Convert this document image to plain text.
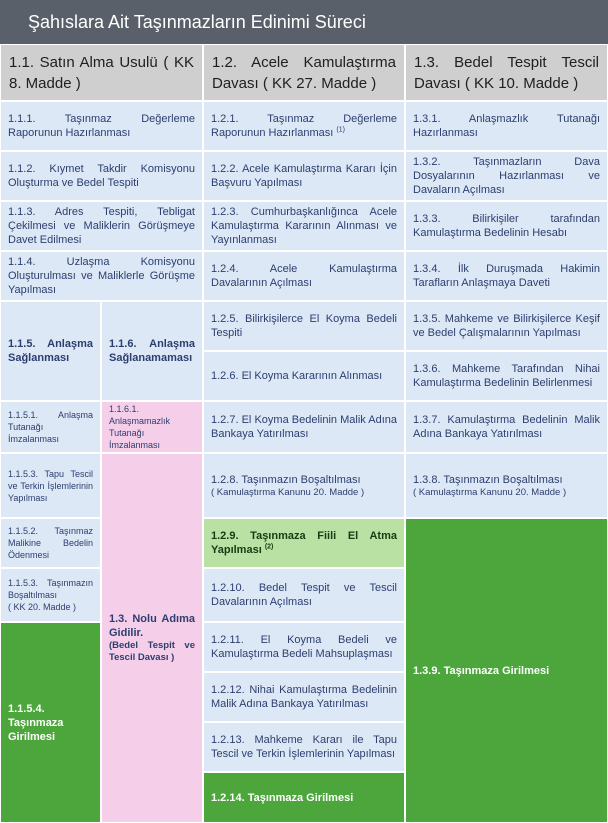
Şahıslara Ait Taşınmazların Edinimi Süreci
1.1. Satın Alma Usulü ( KK 8. Madde )
1.2. Acele Kamulaştırma Davası ( KK 27. Madde )
1.3. Bedel Tespit Tescil Davası ( KK 10. Madde )
1.1.1. Taşınmaz Değerleme Raporunun Hazırlanması
1.1.2. Kıymet Takdir Komisyonu Oluşturma ve Bedel Tespiti
1.1.3. Adres Tespiti, Tebligat Çekilmesi ve Maliklerin Görüşmeye Davet Edilmesi
1.1.4. Uzlaşma Komisyonu Oluşturulması ve Maliklerle Görüşme Yapılması
1.1.5. Anlaşma Sağlanması
1.1.6. Anlaşma Sağlanamaması
1.1.5.1. Anlaşma Tutanağı İmzalanması
1.1.6.1. Anlaşmamazlık Tutanağı İmzalanması
1.1.5.3. Tapu Tescil ve Terkin İşlemlerinin Yapılması
1.1.5.2. Taşınmaz Malikine Bedelin Ödenmesi
1.1.5.3. Taşınmazın Boşaltılması
( KK 20. Madde )
1.3. Nolu Adıma Gidilir.
(Bedel Tespit ve Tescil Davası )
1.1.5.4. Taşınmaza Girilmesi
1.2.1. Taşınmaz Değerleme Raporunun Hazırlanması $^{(1)}$
1.2.2. Acele Kamulaştırma Kararı İçin Başvuru Yapılması
1.2.3. Cumhurbaşkanlığınca Acele Kamulaştırma Kararının Alınması ve Yayınlanması
1.2.4. Acele Kamulaştırma Davalarının Açılması
1.2.5. Bilirkişilerce El Koyma Bedeli Tespiti
1.2.6. El Koyma Kararının Alınması
1.2.7. El Koyma Bedelinin Malik Adına Bankaya Yatırılması
1.2.8. Taşınmazın Boşaltılması
( Kamulaştırma Kanunu 20. Madde )
1.2.9. Taşınmaza Fiili El Atma Yapılması $^{(2)}$
1.2.10. Bedel Tespit ve Tescil Davalarının Açılması
1.2.11. El Koyma Bedeli ve Kamulaştırma Bedeli Mahsuplaşması
1.2.12. Nihai Kamulaştırma Bedelinin Malik Adına Bankaya Yatırılması
1.2.13. Mahkeme Kararı ile Tapu Tescil ve Terkin İşlemlerinin Yapılması
1.2.14. Taşınmaza Girilmesi
1.3.1. Anlaşmazlık Tutanağı Hazırlanması
1.3.2. Taşınmazların Dava Dosyalarının Hazırlanması ve Davaların Açılması
1.3.3. Bilirkişiler tarafından Kamulaştırma Bedelinin Hesabı
1.3.4. İlk Duruşmada Hakimin Tarafların Anlaşmaya Daveti
1.3.5. Mahkeme ve Bilirkişilerce Keşif ve Bedel Çalışmalarının Yapılması
1.3.6. Mahkeme Tarafından Nihai Kamulaştırma Bedelinin Belirlenmesi
1.3.7. Kamulaştırma Bedelinin Malik Adına Bankaya Yatırılması
1.3.8. Taşınmazın Boşaltılması
( Kamulaştırma Kanunu 20. Madde )
1.3.9. Taşınmaza Girilmesi
